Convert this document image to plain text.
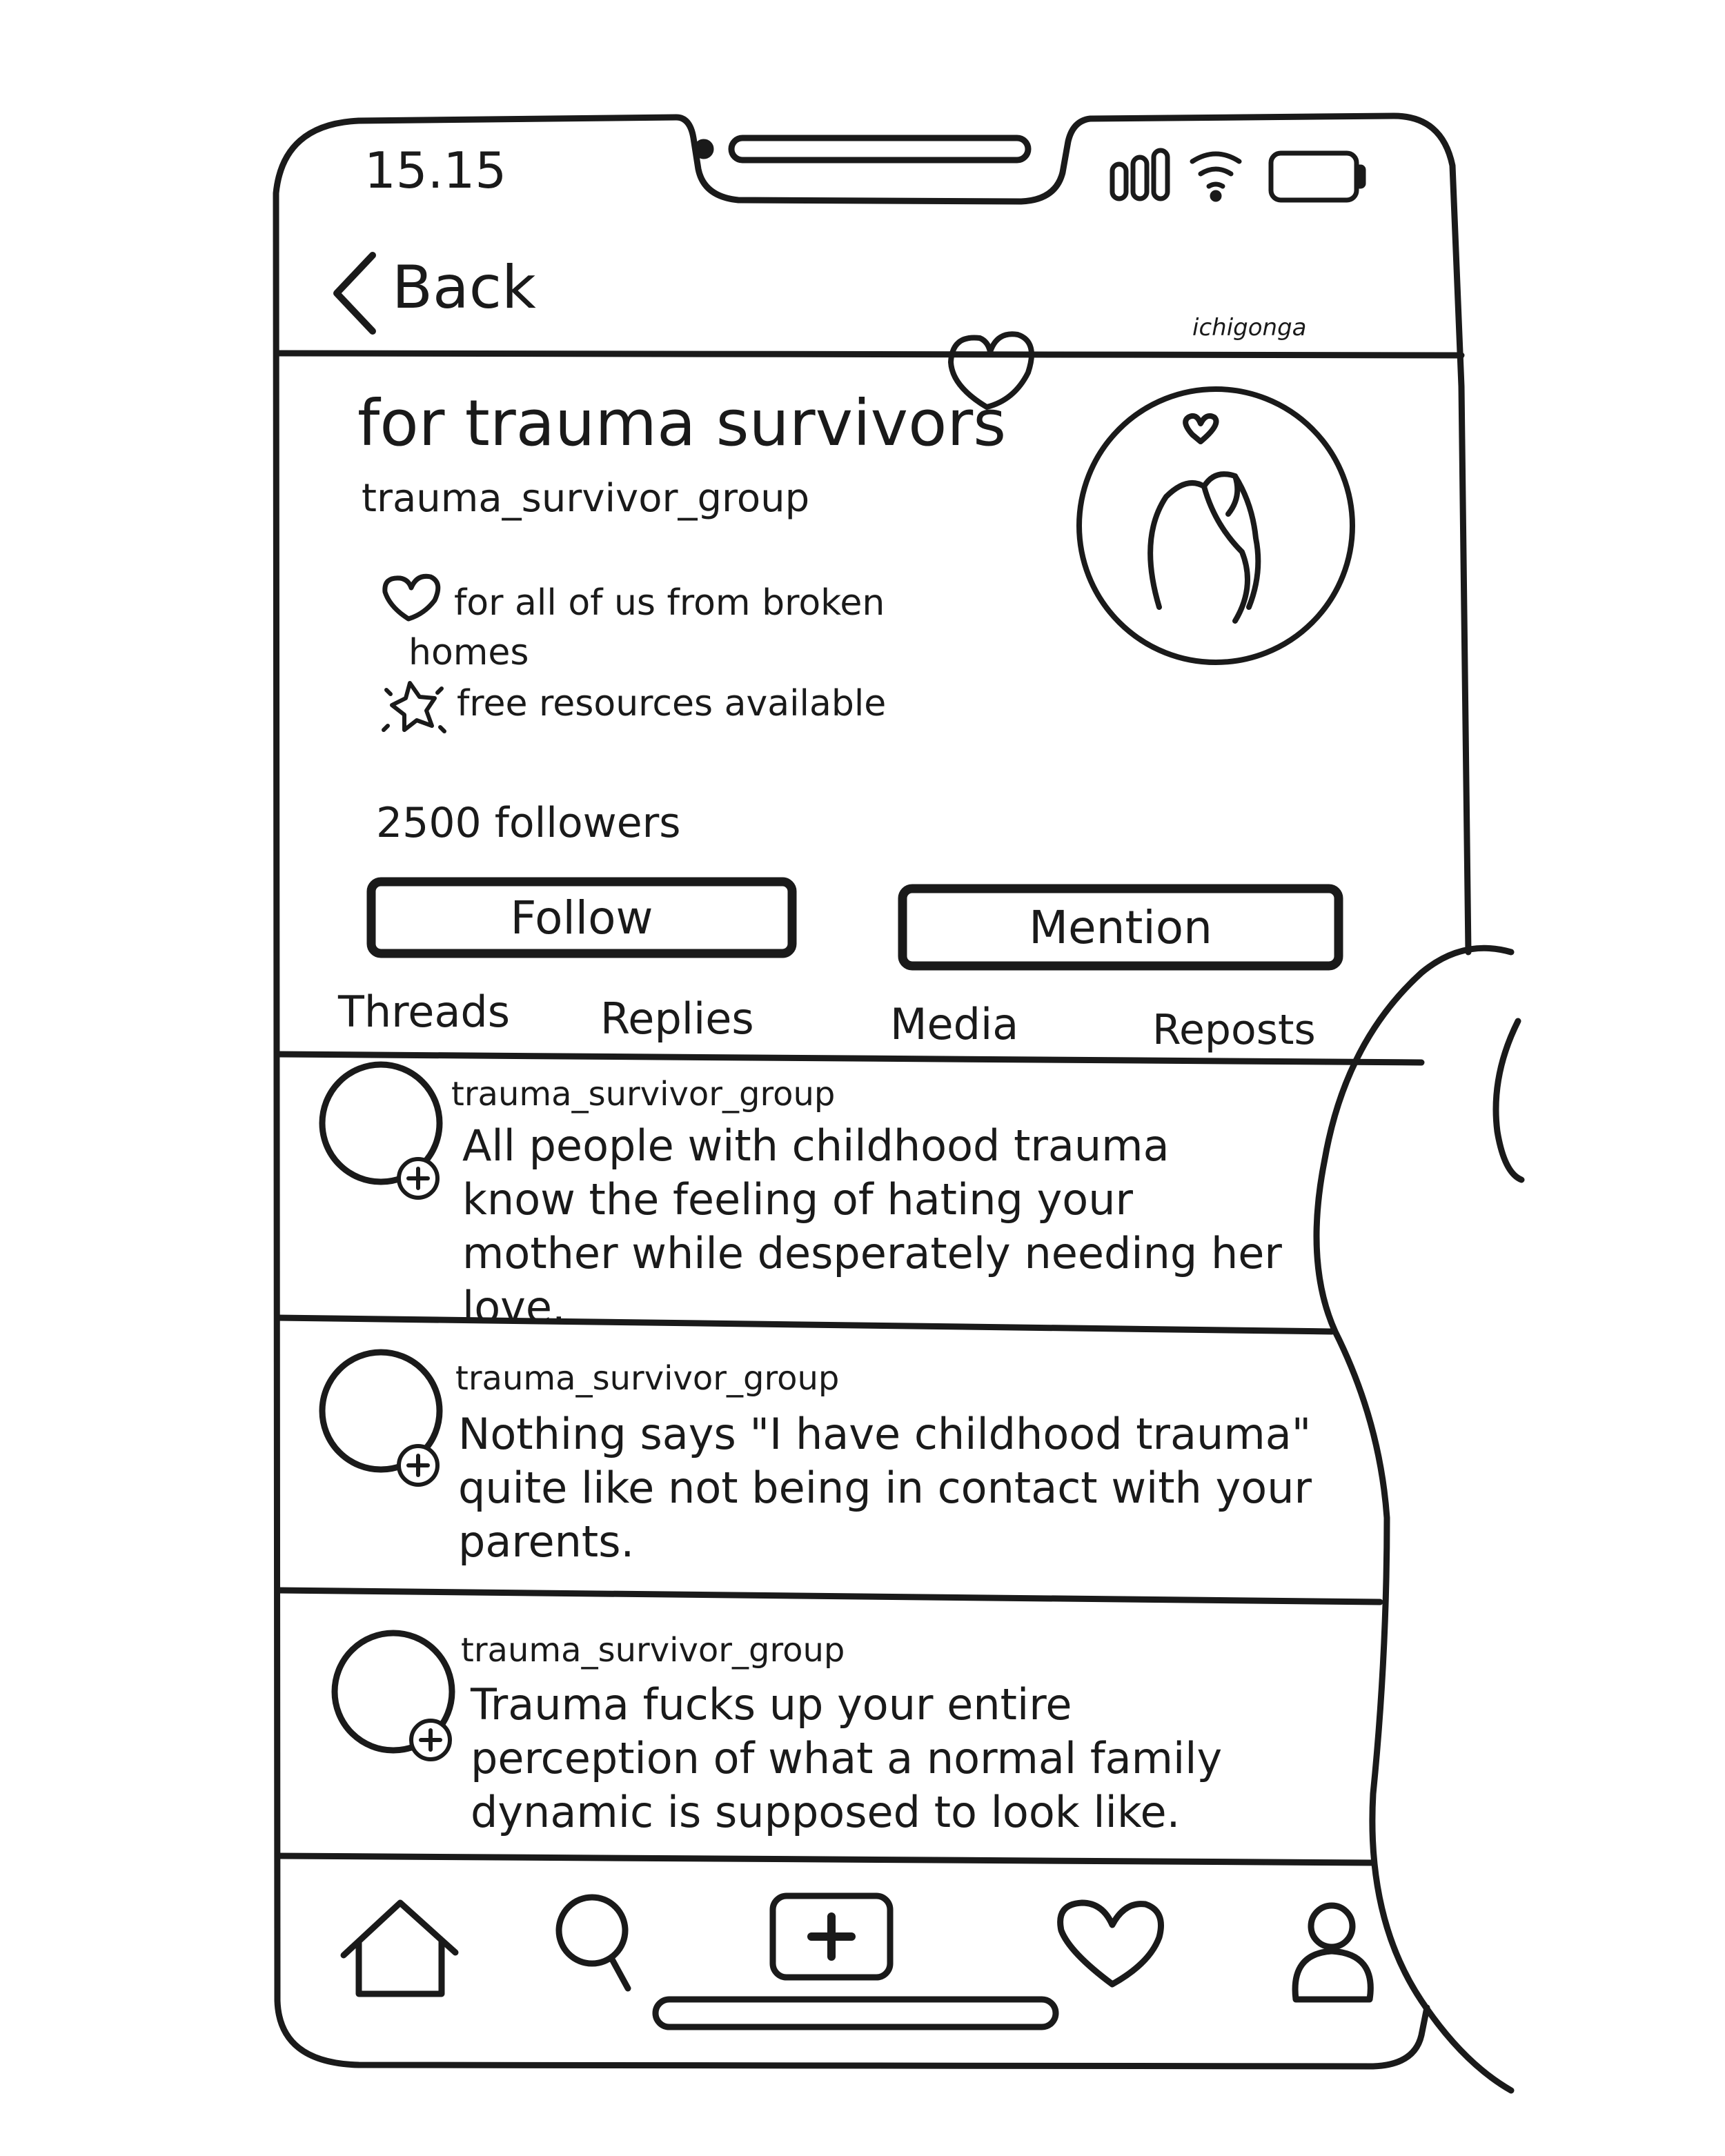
15.15
Back
ichigonga
for trauma survivors
trauma_survivor_group
for all of us from broken homes
free resources available
2500 followers
Follow	Mention
Threads Replies	Media	Reposts
trauma_survivor_group
All people with childhood trauma know the feeling of hating your mother while desperately needing her love.
trauma_survivor_group
Nothing says "I have childhood trauma" quite like not being in contact with your parents.
trauma_survivor_group
Trauma fucks up your entire perception of what a normal family dynamic is supposed to look like.
